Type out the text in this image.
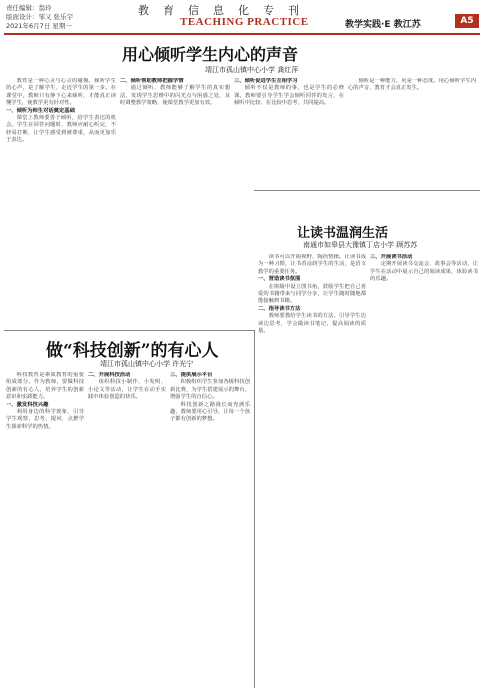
责任编辑：翁玲
版面设计：邹又 张乐宇
2021年6月7日 星期一
教育信息化专刊
TEACHING PRACTICE	教学实践·E 教江苏	A5
用心倾听学生内心的声音
靖江市孤山镇中心小学 龚红萍

教育是一种心灵与心灵的碰撞。倾听学生的心声，是了解学生、走近学生的第一步。在课堂中，教师只有静下心来倾听，才能真正读懂学生，使教学更有针对性。

一、倾听为师生对话奠定基础

课堂上教师要善于倾听，给学生表达的机会。学生在回答问题时，教师应耐心听完，不轻易打断，让学生感受到被尊重，从而更加乐于表达。

二、倾听帮助教师把握学情

通过倾听，教师能够了解学生的真实想法，发现学生思维中的闪光点与困惑之处，及时调整教学策略，使课堂教学更加有效。

三、倾听促进学生互相学习

倾听不仅是教师的事，也是学生的必修课。教师要引导学生学会倾听同伴的发言，在倾听中比较、在比较中思考，共同提高。

倾听是一种能力，更是一种态度。用心倾听学生内心的声音，教育才会真正发生。

让读书温润生活
南通市如皋县大豫镇丁店小学 顾苏苏

读书可以开阔视野、陶冶情操。让读书成为一种习惯，让书香浸润学生的生活，是语文教学的重要任务。

一、营造读书氛围

在班级中设立图书角，鼓励学生把自己喜爱的书籍带来与同学分享，让学生随时随地都能接触到书籍。

二、指导读书方法

教师要教给学生读书的方法，引导学生边读边思考，学会做读书笔记，提高阅读的质量。

三、开展读书活动

定期开展读书交流会、故事会等活动，让学生在活动中展示自己的阅读成果，体验读书的乐趣。

做“科技创新”的有心人
靖江市孤山镇中心小学 许光宁

科技教育是素质教育的重要组成部分。作为教师，要做科技创新的有心人，培养学生的创新意识和实践能力。

一、激发科技兴趣

利用身边的科学现象，引导学生观察、思考、提问，点燃学生探索科学的热情。

二、开展科技活动

组织科技小制作、小发明、小论文等活动，让学生在动手实践中体验创造的快乐。

三、提供展示平台

积极组织学生参加各级科技创新比赛，为学生搭建展示的舞台，增强学生的自信心。

科技创新之路漫长而充满乐趣，教师要用心引导，让每一个孩子都有创新的梦想。
